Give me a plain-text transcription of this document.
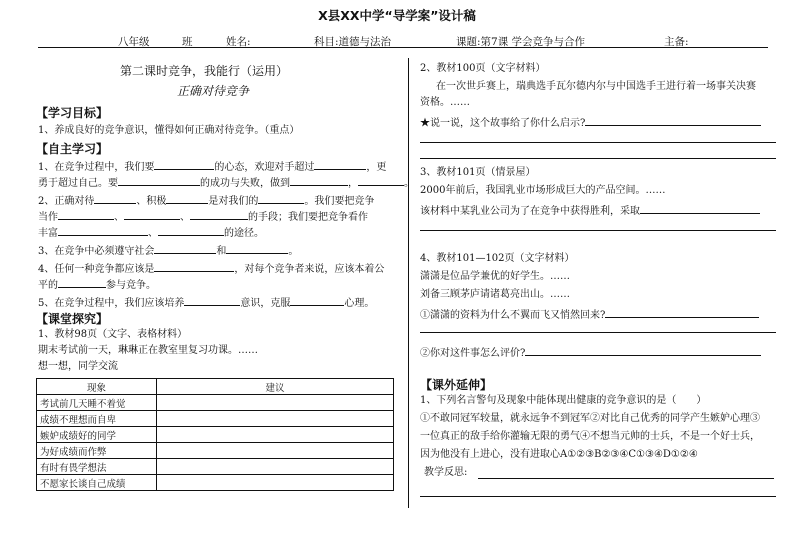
X县XX中学“导学案”设计稿
八年级	班	姓名:	科目:道德与法治	课题:第7课 学会竞争与合作	主备:
第二课时竞争，我能行（运用）
正确对待竞争
【学习目标】
1、养成良好的竞争意识，懂得如何正确对待竞争。（重点）
【自主学习】
1、在竞争过程中，我们要	的心态，欢迎对手超过	，更
勇于超过自己。要	的成功与失败，做到	，	。
2、正确对待	、积极	是对我们的	。我们要把竞争
当作	、	、	的手段；我们要把竞争看作
丰富	、	的途径。
3、在竞争中必须遵守社会	和	。
4、任何一种竞争都应该是	，对每个竞争者来说，应该本着公
平的	参与竞争。
5、在竞争过程中，我们应该培养	意识，克服	心理。
【课堂探究】
1、教材98页（文字、表格材料）
期末考试前一天，琳琳正在教室里复习功课。……
想一想，同学交流
现象	建议
考试前几天睡不着觉	
成绩不理想而自卑	
嫉妒成绩好的同学	
为好成绩而作弊	
有时有畏学想法	
不愿家长谈自己成绩	
2、教材100页（文字材料）
在一次世乒赛上，瑞典选手瓦尔德内尔与中国选手王进行着一场事关决赛
资格。……
★说一说，这个故事给了你什么启示?
3、教材101页（情景屋）
2000年前后，我国乳业市场形成巨大的产品空间。……
该材料中某乳业公司为了在竞争中获得胜利，采取
4、教材101—102页（文字材料）
潇潇是位品学兼优的好学生。……
刘备三顾茅庐请诸葛亮出山。……
①潇潇的资料为什么不翼而飞又悄然回来?
②你对这件事怎么评价?
【课外延伸】
1、下列名言警句及现象中能体现出健康的竞争意识的是（　　）
①不敢同冠军较量，就永远争不到冠军②对比自己优秀的同学产生嫉妒心理③
一位真正的敌手给你灌输无限的勇气④不想当元帅的士兵，不是一个好士兵，
因为他没有上进心，没有进取心A①②③B②③④C①③④D①②④
教学反思:
